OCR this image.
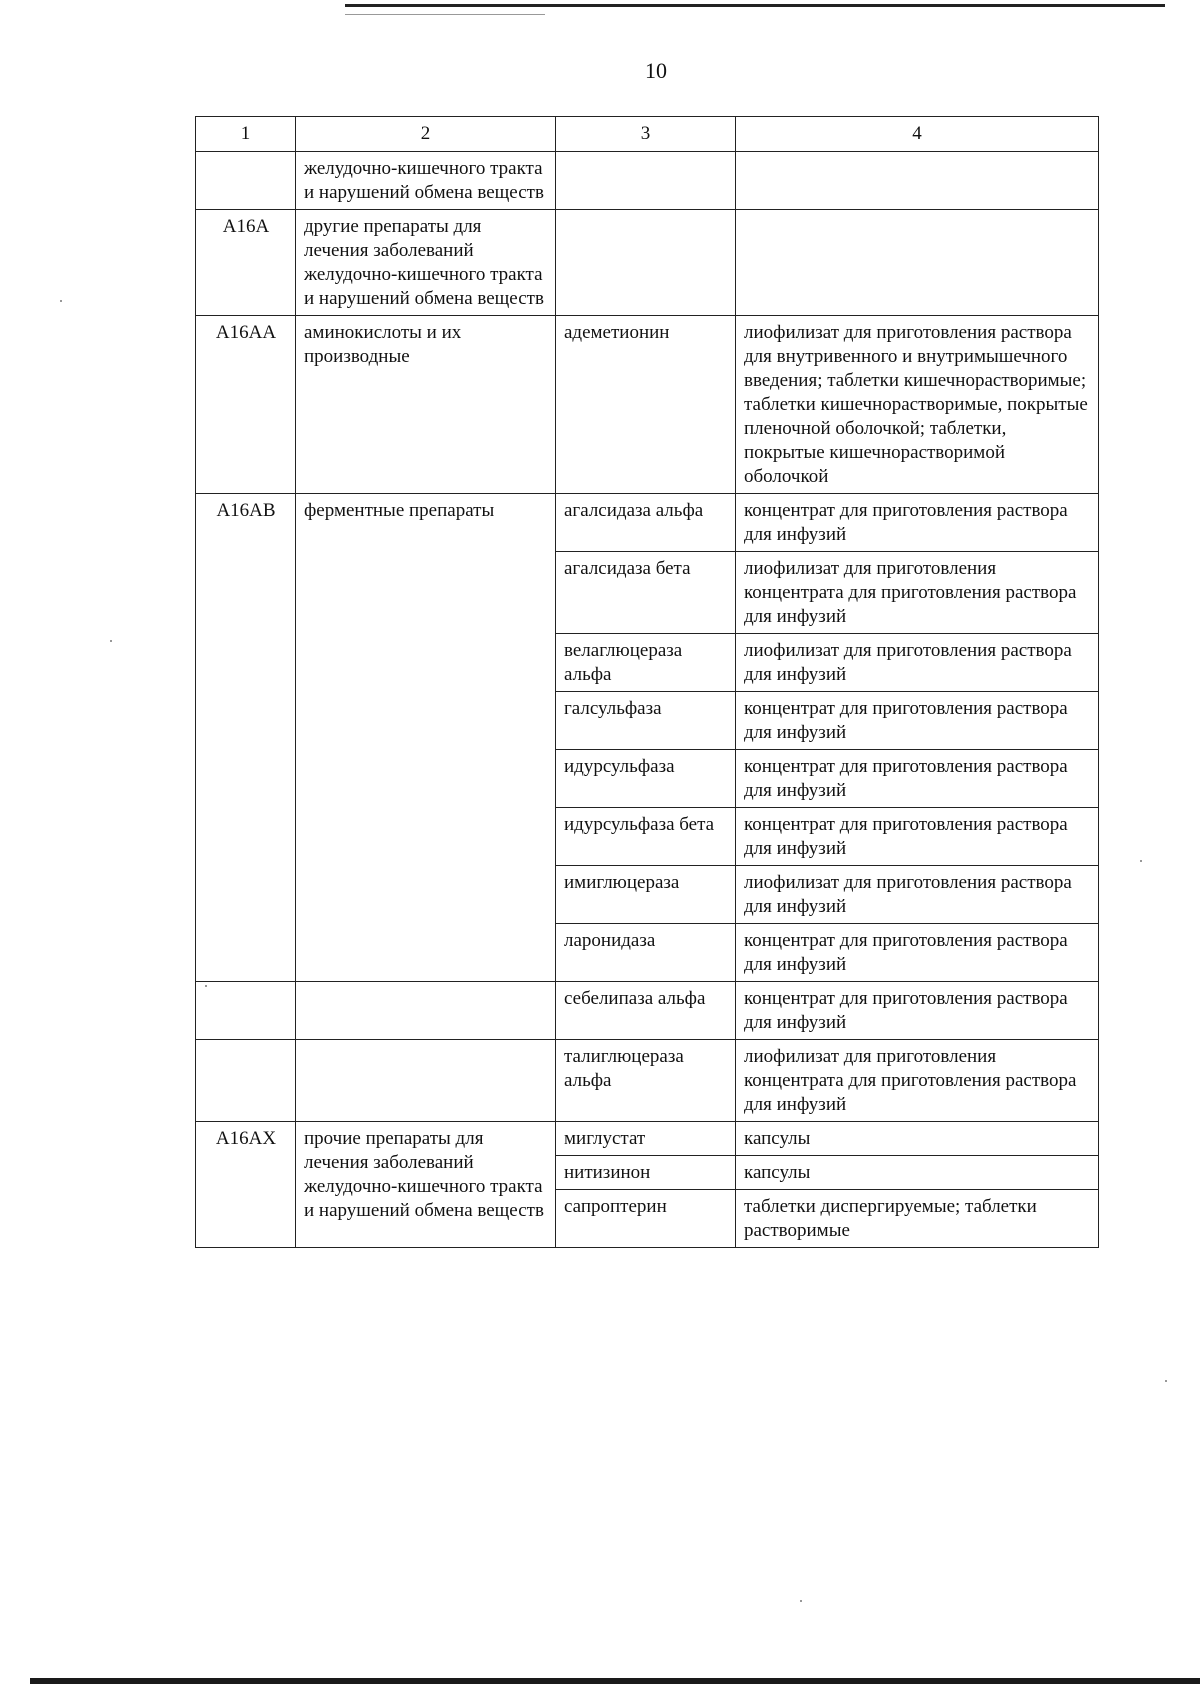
10
1	2	3	4
	желудочно-кишечного тракта и нарушений обмена веществ		
A16A	другие препараты для лечения заболеваний желудочно-кишечного тракта и нарушений обмена веществ		
A16AA	аминокислоты и их производные	адеметионин	лиофилизат для приготовления раствора для внутривенного и внутримышечного введения; таблетки кишечнорастворимые; таблетки кишечнорастворимые, покрытые пленочной оболочкой; таблетки, покрытые кишечнорастворимой оболочкой
A16AB	ферментные препараты	агалсидаза альфа	концентрат для приготовления раствора для инфузий
		агалсидаза бета	лиофилизат для приготовления концентрата для приготовления раствора для инфузий
		велаглюцераза альфа	лиофилизат для приготовления раствора для инфузий
		галсульфаза	концентрат для приготовления раствора для инфузий
		идурсульфаза	концентрат для приготовления раствора для инфузий
		идурсульфаза бета	концентрат для приготовления раствора для инфузий
		имиглюцераза	лиофилизат для приготовления раствора для инфузий
		ларонидаза	концентрат для приготовления раствора для инфузий
		себелипаза альфа	концентрат для приготовления раствора для инфузий
		талиглюцераза альфа	лиофилизат для приготовления концентрата для приготовления раствора для инфузий
A16AX	прочие препараты для лечения заболеваний желудочно-кишечного тракта и нарушений обмена веществ	миглустат	капсулы
		нитизинон	капсулы
		сапроптерин	таблетки диспергируемые; таблетки растворимые
